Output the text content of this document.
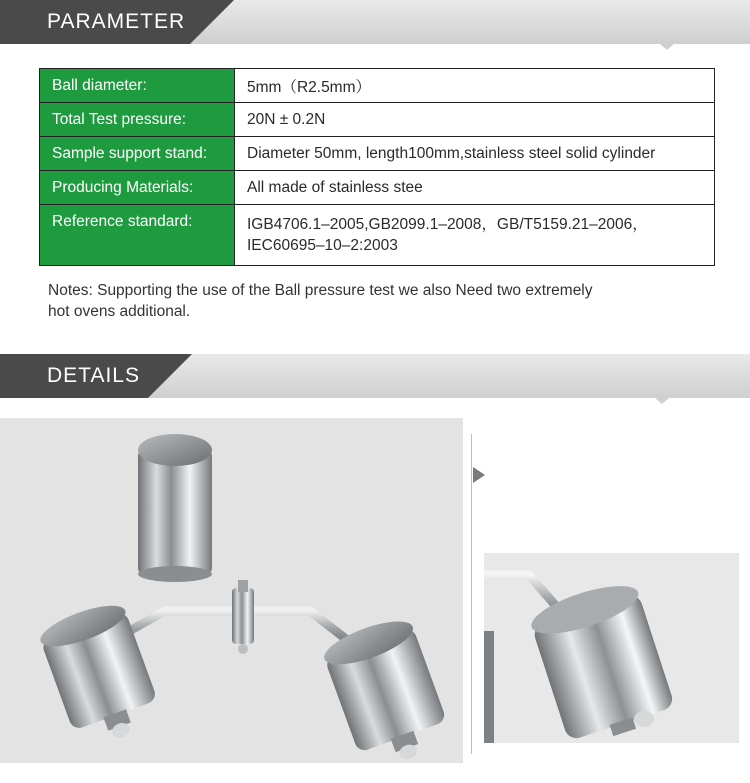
PARAMETER
Ball diameter:	5mm（R2.5mm）
Total Test pressure:	20N ± 0.2N
Sample support stand:	Diameter 50mm, length100mm,stainless steel solid cylinder
Producing Materials:	All made of stainless stee
Reference standard:	IGB4706.1–2005,GB2099.1–2008，GB/T5159.21–2006，
IEC60695–10–2:2003
Notes: Supporting the use of the Ball pressure test we also Need two extremely
hot ovens additional.
DETAILS
